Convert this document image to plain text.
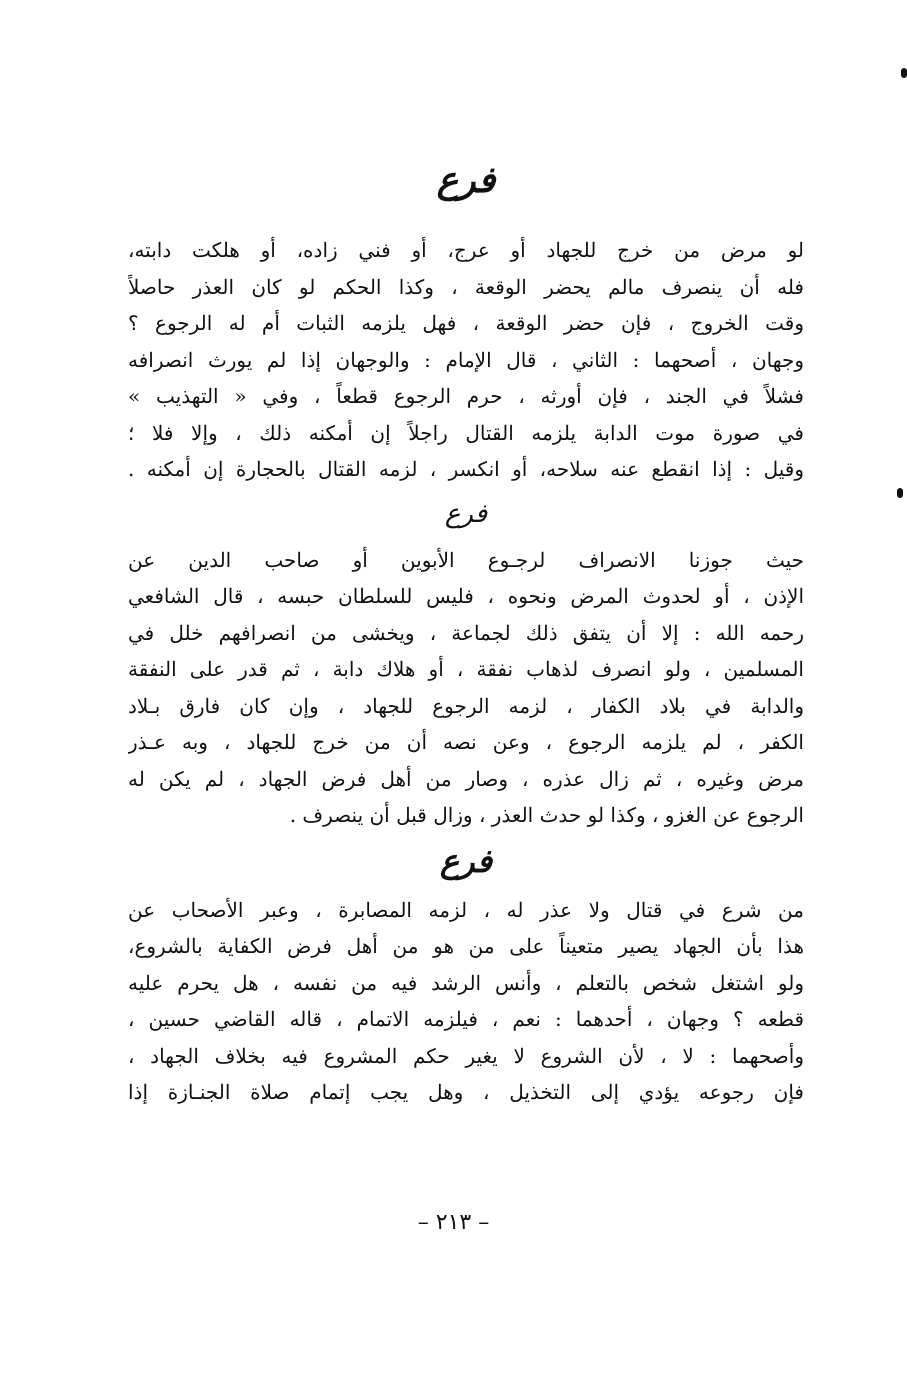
فرع

لو مرض من خرج للجهاد أو عرج، أو فني زاده، أو هلكت دابته،
فله أن ينصرف مالم يحضر الوقعة ، وكذا الحكم لو كان العذر حاصلاً
وقت الخروج ، فإن حضر الوقعة ، فهل يلزمه الثبات أم له الرجوع ؟
وجهان ، أصحهما : الثاني ، قال الإمام : والوجهان إذا لم يورث انصرافه
فشلاً في الجند ، فإن أورثه ، حرم الرجوع قطعاً ، وفي « التهذيب »
في صورة موت الدابة يلزمه القتال راجلاً إن أمكنه ذلك ، وإلا فلا ؛
وقيل : إذا انقطع عنه سلاحه، أو انكسر ، لزمه القتال بالحجارة إن أمكنه .

فرع

حيث جوزنا الانصراف لرجـوع الأبوين أو صاحب الدين عن
الإذن ، أو لحدوث المرض ونحوه ، فليس للسلطان حبسه ، قال الشافعي
رحمه الله : إلا أن يتفق ذلك لجماعة ، ويخشى من انصرافهم خلل في
المسلمين ، ولو انصرف لذهاب نفقة ، أو هلاك دابة ، ثم قدر على النفقة
والدابة في بلاد الكفار ، لزمه الرجوع للجهاد ، وإن كان فارق بـلاد
الكفر ، لم يلزمه الرجوع ، وعن نصه أن من خرج للجهاد ، وبه عـذر
مرض وغيره ، ثم زال عذره ، وصار من أهل فرض الجهاد ، لم يكن له
الرجوع عن الغزو ، وكذا لو حدث العذر ، وزال قبل أن ينصرف .

فرع

من شرع في قتال ولا عذر له ، لزمه المصابرة ، وعبر الأصحاب عن
هذا بأن الجهاد يصير متعيناً على من هو من أهل فرض الكفاية بالشروع،
ولو اشتغل شخص بالتعلم ، وأنس الرشد فيه من نفسه ، هل يحرم عليه
قطعه ؟ وجهان ، أحدهما : نعم ، فيلزمه الاتمام ، قاله القاضي حسين ،
وأصحهما : لا ، لأن الشروع لا يغير حكم المشروع فيه بخلاف الجهاد ،
فإن رجوعه يؤدي إلى التخذيل ، وهل يجب إتمام صلاة الجنـازة إذا

– ٢١٣ –
